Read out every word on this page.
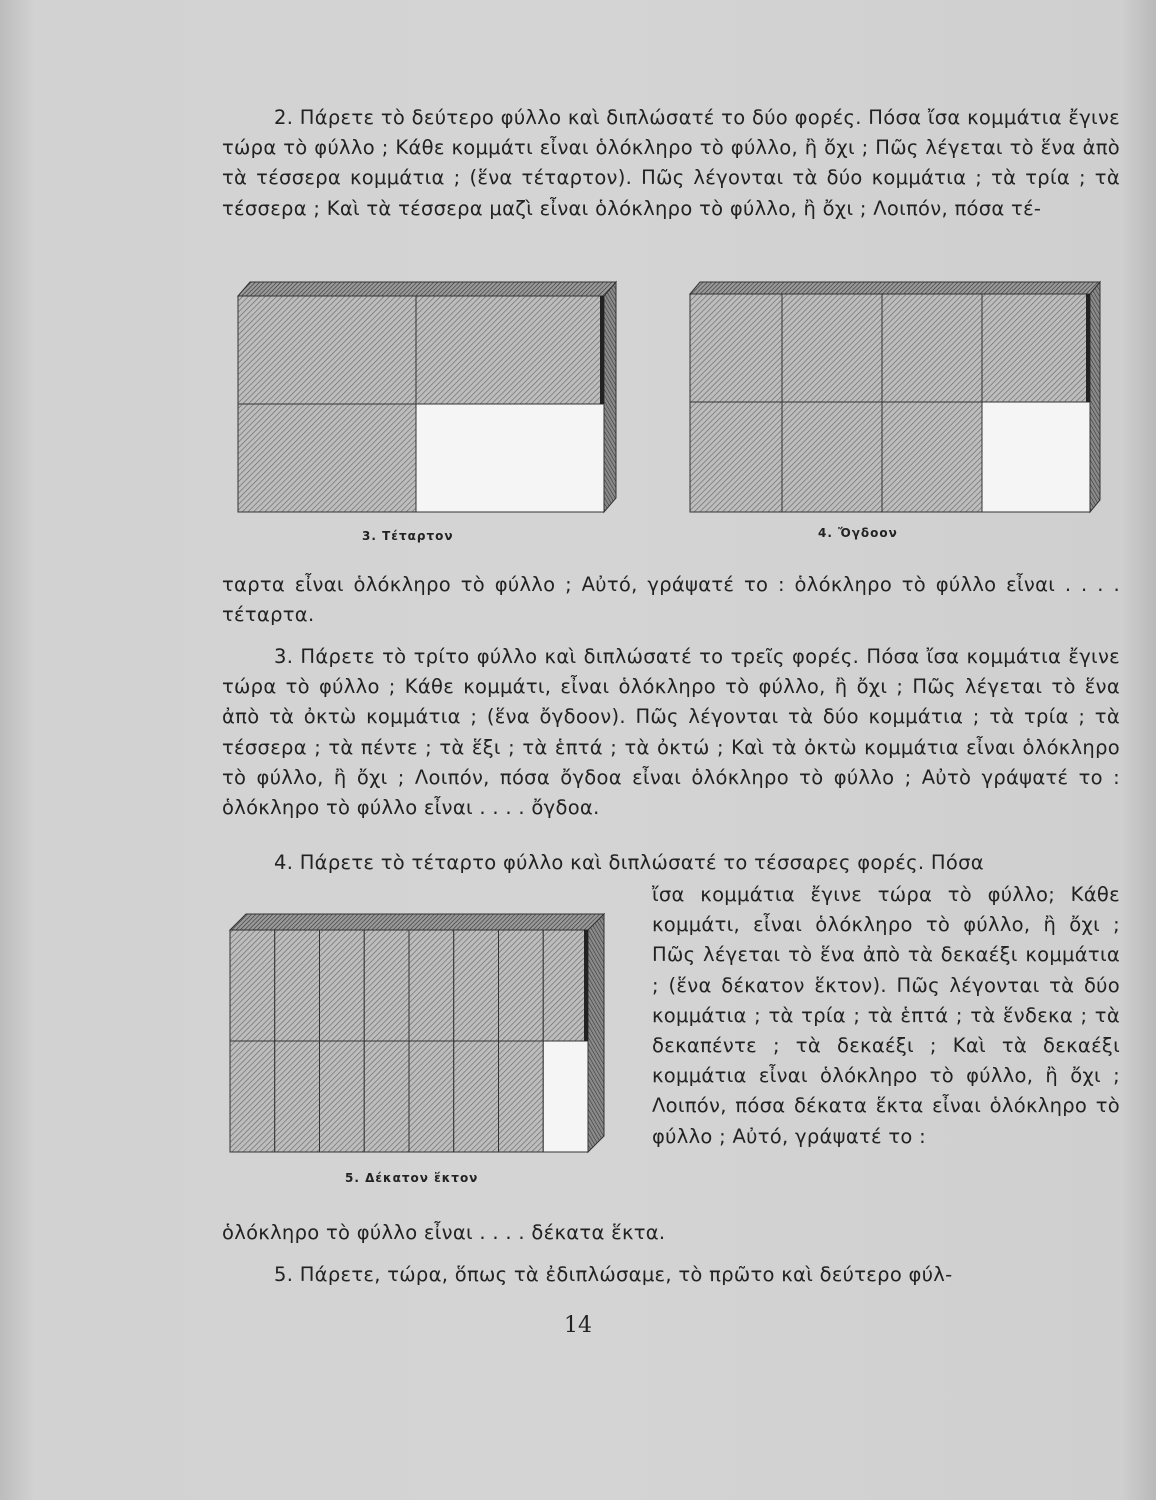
2. Πάρετε τὸ δεύτερο φύλλο καὶ διπλώσατέ το δύο φορές. Πόσα ἴσα κομμάτια ἔγινε τώρα τὸ φύλλο ; Κάθε κομμάτι εἶναι ὁλόκληρο τὸ φύλλο, ἢ ὄχι ; Πῶς λέγεται τὸ ἕνα ἀπὸ τὰ τέσσερα κομμάτια ; (ἕνα τέταρτον). Πῶς λέγονται τὰ δύο κομμάτια ; τὰ τρία ; τὰ τέσσερα ; Καὶ τὰ τέσσερα μαζὶ εἶναι ὁλόκληρο τὸ φύλλο, ἢ ὄχι ; Λοιπόν, πόσα τέ-

3. Τέταρτον	4. Ὄγδοον

ταρτα εἶναι ὁλόκληρο τὸ φύλλο ; Αὐτό, γράψατέ το : ὁλόκληρο τὸ φύλλο εἶναι . . . . τέταρτα.

3. Πάρετε τὸ τρίτο φύλλο καὶ διπλώσατέ το τρεῖς φορές. Πόσα ἴσα κομμάτια ἔγινε τώρα τὸ φύλλο ; Κάθε κομμάτι, εἶναι ὁλόκληρο τὸ φύλλο, ἢ ὄχι ; Πῶς λέγεται τὸ ἕνα ἀπὸ τὰ ὀκτὼ κομμάτια ; (ἕνα ὄγδοον). Πῶς λέγονται τὰ δύο κομμάτια ; τὰ τρία ; τὰ τέσσερα ; τὰ πέντε ; τὰ ἕξι ; τὰ ἑπτά ; τὰ ὀκτώ ; Καὶ τὰ ὀκτὼ κομμάτια εἶναι ὁλόκληρο τὸ φύλλο, ἢ ὄχι ; Λοιπόν, πόσα ὄγδοα εἶναι ὁλόκληρο τὸ φύλλο ; Αὐτὸ γράψατέ το : ὁλόκληρο τὸ φύλλο εἶναι . . . . ὄγδοα.

4. Πάρετε τὸ τέταρτο φύλλο καὶ διπλώσατέ το τέσσαρες φορές. Πόσα

5. Δέκατον ἕκτον

ἴσα κομμάτια ἔγινε τώρα τὸ φύλλο; Κάθε κομμάτι, εἶναι ὁλόκληρο τὸ φύλλο, ἢ ὄχι ; Πῶς λέγεται τὸ ἕνα ἀπὸ τὰ δεκαέξι κομμάτια ; (ἕνα δέκατον ἕκτον). Πῶς λέγονται τὰ δύο κομμάτια ; τὰ τρία ; τὰ ἑπτά ; τὰ ἕνδεκα ; τὰ δεκαπέντε ; τὰ δεκαέξι ; Καὶ τὰ δεκαέξι κομμάτια εἶναι ὁλόκληρο τὸ φύλλο, ἢ ὄχι ; Λοιπόν, πόσα δέκατα ἕκτα εἶναι ὁλόκληρο τὸ φύλλο ; Αὐτό, γράψατέ το :

ὁλόκληρο τὸ φύλλο εἶναι . . . . δέκατα ἕκτα.

5. Πάρετε, τώρα, ὅπως τὰ ἐδιπλώσαμε, τὸ πρῶτο καὶ δεύτερο φύλ-

14
